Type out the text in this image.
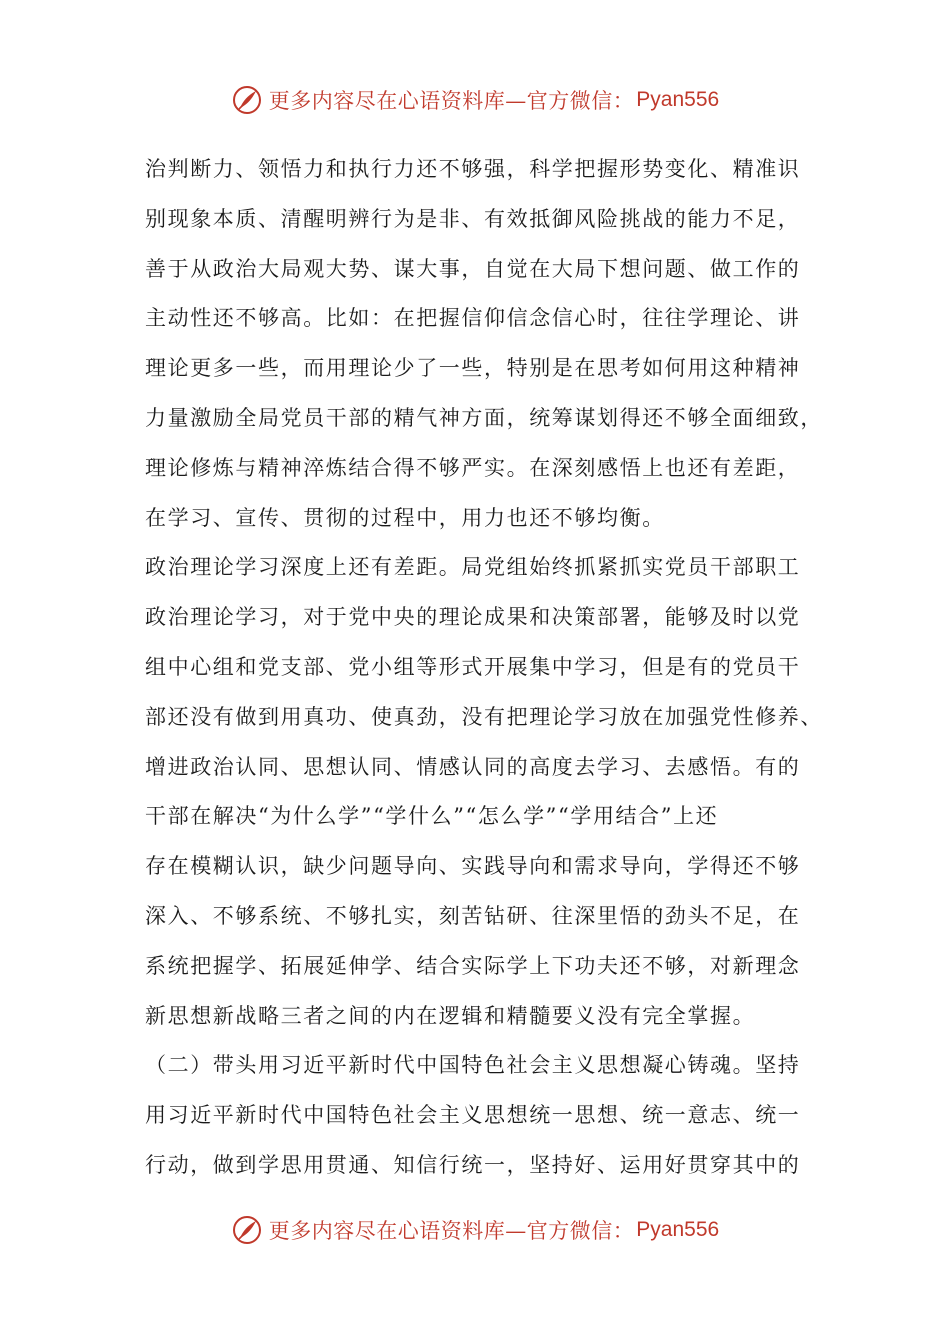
更多内容尽在心语资料库—官方微信： Pyan556
治判断力、领悟力和执行力还不够强，科学把握形势变化、精准识
别现象本质、清醒明辨行为是非、有效抵御风险挑战的能力不足，
善于从政治大局观大势、谋大事，自觉在大局下想问题、做工作的
主动性还不够高。比如：在把握信仰信念信心时，往往学理论、讲
理论更多一些，而用理论少了一些，特别是在思考如何用这种精神
力量激励全局党员干部的精气神方面，统筹谋划得还不够全面细致，
理论修炼与精神淬炼结合得不够严实。在深刻感悟上也还有差距，
在学习、宣传、贯彻的过程中，用力也还不够均衡。
政治理论学习深度上还有差距。局党组始终抓紧抓实党员干部职工
政治理论学习，对于党中央的理论成果和决策部署，能够及时以党
组中心组和党支部、党小组等形式开展集中学习，但是有的党员干
部还没有做到用真功、使真劲，没有把理论学习放在加强党性修养、
增进政治认同、思想认同、情感认同的高度去学习、去感悟。有的
干部在解决“为什么学”“学什么”“怎么学”“学用结合”上还
存在模糊认识，缺少问题导向、实践导向和需求导向，学得还不够
深入、不够系统、不够扎实，刻苦钻研、往深里悟的劲头不足，在
系统把握学、拓展延伸学、结合实际学上下功夫还不够，对新理念
新思想新战略三者之间的内在逻辑和精髓要义没有完全掌握。
（二）带头用习近平新时代中国特色社会主义思想凝心铸魂。坚持
用习近平新时代中国特色社会主义思想统一思想、统一意志、统一
行动，做到学思用贯通、知信行统一，坚持好、运用好贯穿其中的
更多内容尽在心语资料库—官方微信： Pyan556
